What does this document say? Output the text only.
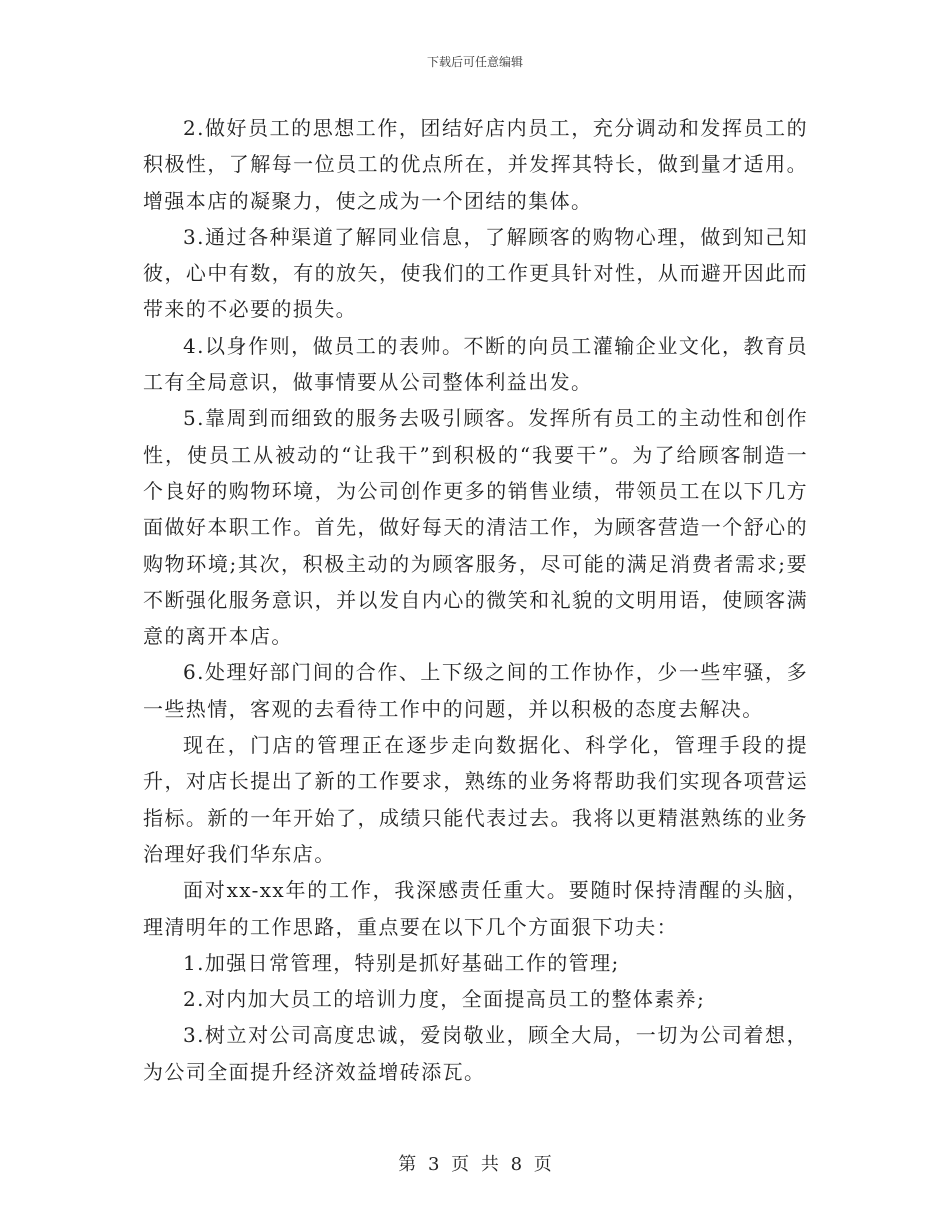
下载后可任意编辑

2.做好员工的思想工作，团结好店内员工，充分调动和发挥员工的积极性，了解每一位员工的优点所在，并发挥其特长，做到量才适用。增强本店的凝聚力，使之成为一个团结的集体。

3.通过各种渠道了解同业信息，了解顾客的购物心理，做到知己知彼，心中有数，有的放矢，使我们的工作更具针对性，从而避开因此而带来的不必要的损失。

4.以身作则，做员工的表帅。不断的向员工灌输企业文化，教育员工有全局意识，做事情要从公司整体利益出发。

5.靠周到而细致的服务去吸引顾客。发挥所有员工的主动性和创作性，使员工从被动的“让我干”到积极的“我要干”。为了给顾客制造一个良好的购物环境，为公司创作更多的销售业绩，带领员工在以下几方面做好本职工作。首先，做好每天的清洁工作，为顾客营造一个舒心的购物环境;其次，积极主动的为顾客服务，尽可能的满足消费者需求;要不断强化服务意识，并以发自内心的微笑和礼貌的文明用语，使顾客满意的离开本店。

6.处理好部门间的合作、上下级之间的工作协作，少一些牢骚，多一些热情，客观的去看待工作中的问题，并以积极的态度去解决。

现在，门店的管理正在逐步走向数据化、科学化，管理手段的提升，对店长提出了新的工作要求，熟练的业务将帮助我们实现各项营运指标。新的一年开始了，成绩只能代表过去。我将以更精湛熟练的业务治理好我们华东店。

面对xx-xx年的工作，我深感责任重大。要随时保持清醒的头脑，理清明年的工作思路，重点要在以下几个方面狠下功夫：

1.加强日常管理，特别是抓好基础工作的管理;

2.对内加大员工的培训力度，全面提高员工的整体素养;

3.树立对公司高度忠诚，爱岗敬业，顾全大局，一切为公司着想，为公司全面提升经济效益增砖添瓦。

第 3 页 共 8 页
